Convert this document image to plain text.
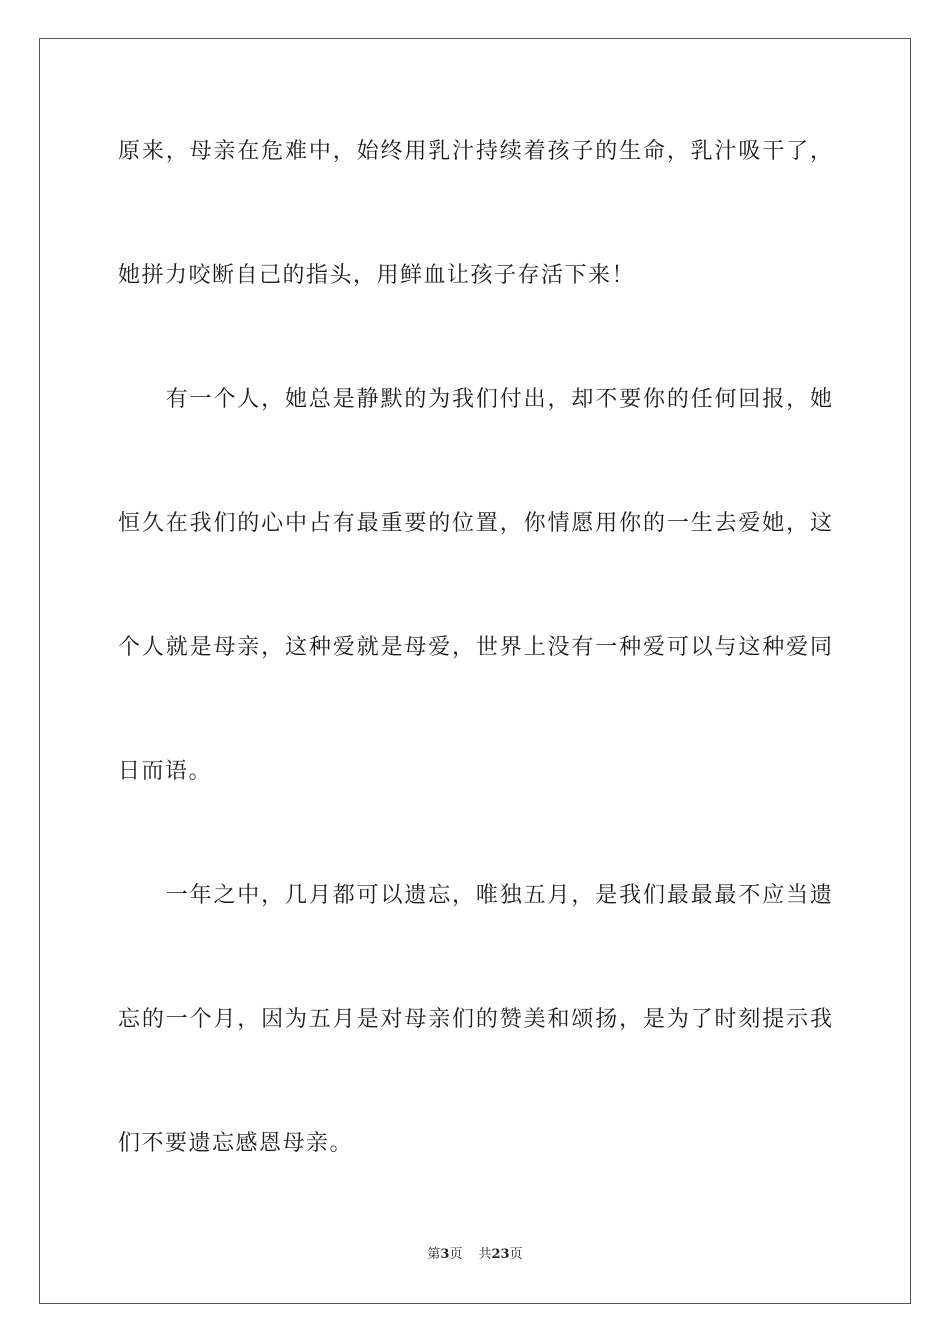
原来，母亲在危难中，始终用乳汁持续着孩子的生命，乳汁吸干了，
她拼力咬断自己的指头，用鲜血让孩子存活下来！
　　有一个人，她总是静默的为我们付出，却不要你的任何回报，她
恒久在我们的心中占有最重要的位置，你情愿用你的一生去爱她，这
个人就是母亲，这种爱就是母爱，世界上没有一种爱可以与这种爱同
日而语。
　　一年之中，几月都可以遗忘，唯独五月，是我们最最最不应当遗
忘的一个月，因为五月是对母亲们的赞美和颂扬，是为了时刻提示我
们不要遗忘感恩母亲。
第3页 共23页
